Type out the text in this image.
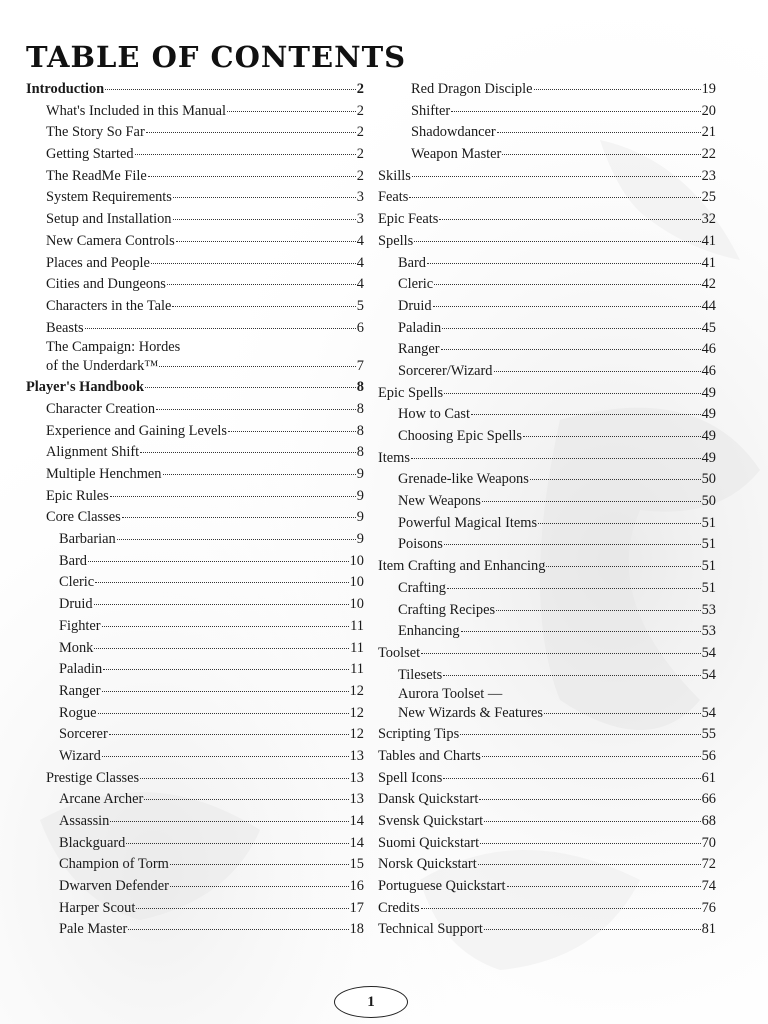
TABLE OF CONTENTS
Introduction	2
What's Included in this Manual	2
The Story So Far	2
Getting Started	2
The ReadMe File	2
System Requirements	3
Setup and Installation	3
New Camera Controls	4
Places and People	4
Cities and Dungeons	4
Characters in the Tale	5
Beasts	6
The Campaign: Hordes
of the Underdark™	7
Player's Handbook	8
Character Creation	8
Experience and Gaining Levels	8
Alignment Shift	8
Multiple Henchmen	9
Epic Rules	9
Core Classes	9
Barbarian	9
Bard	10
Cleric	10
Druid	10
Fighter	11
Monk	11
Paladin	11
Ranger	12
Rogue	12
Sorcerer	12
Wizard	13
Prestige Classes	13
Arcane Archer	13
Assassin	14
Blackguard	14
Champion of Torm	15
Dwarven Defender	16
Harper Scout	17
Pale Master	18
Red Dragon Disciple	19
Shifter	20
Shadowdancer	21
Weapon Master	22
Skills	23
Feats	25
Epic Feats	32
Spells	41
Bard	41
Cleric	42
Druid	44
Paladin	45
Ranger	46
Sorcerer/Wizard	46
Epic Spells	49
How to Cast	49
Choosing Epic Spells	49
Items	49
Grenade-like Weapons	50
New Weapons	50
Powerful Magical Items	51
Poisons	51
Item Crafting and Enhancing	51
Crafting	51
Crafting Recipes	53
Enhancing	53
Toolset	54
Tilesets	54
Aurora Toolset —
New Wizards & Features	54
Scripting Tips	55
Tables and Charts	56
Spell Icons	61
Dansk Quickstart	66
Svensk Quickstart	68
Suomi Quickstart	70
Norsk Quickstart	72
Portuguese Quickstart	74
Credits	76
Technical Support	81
1
